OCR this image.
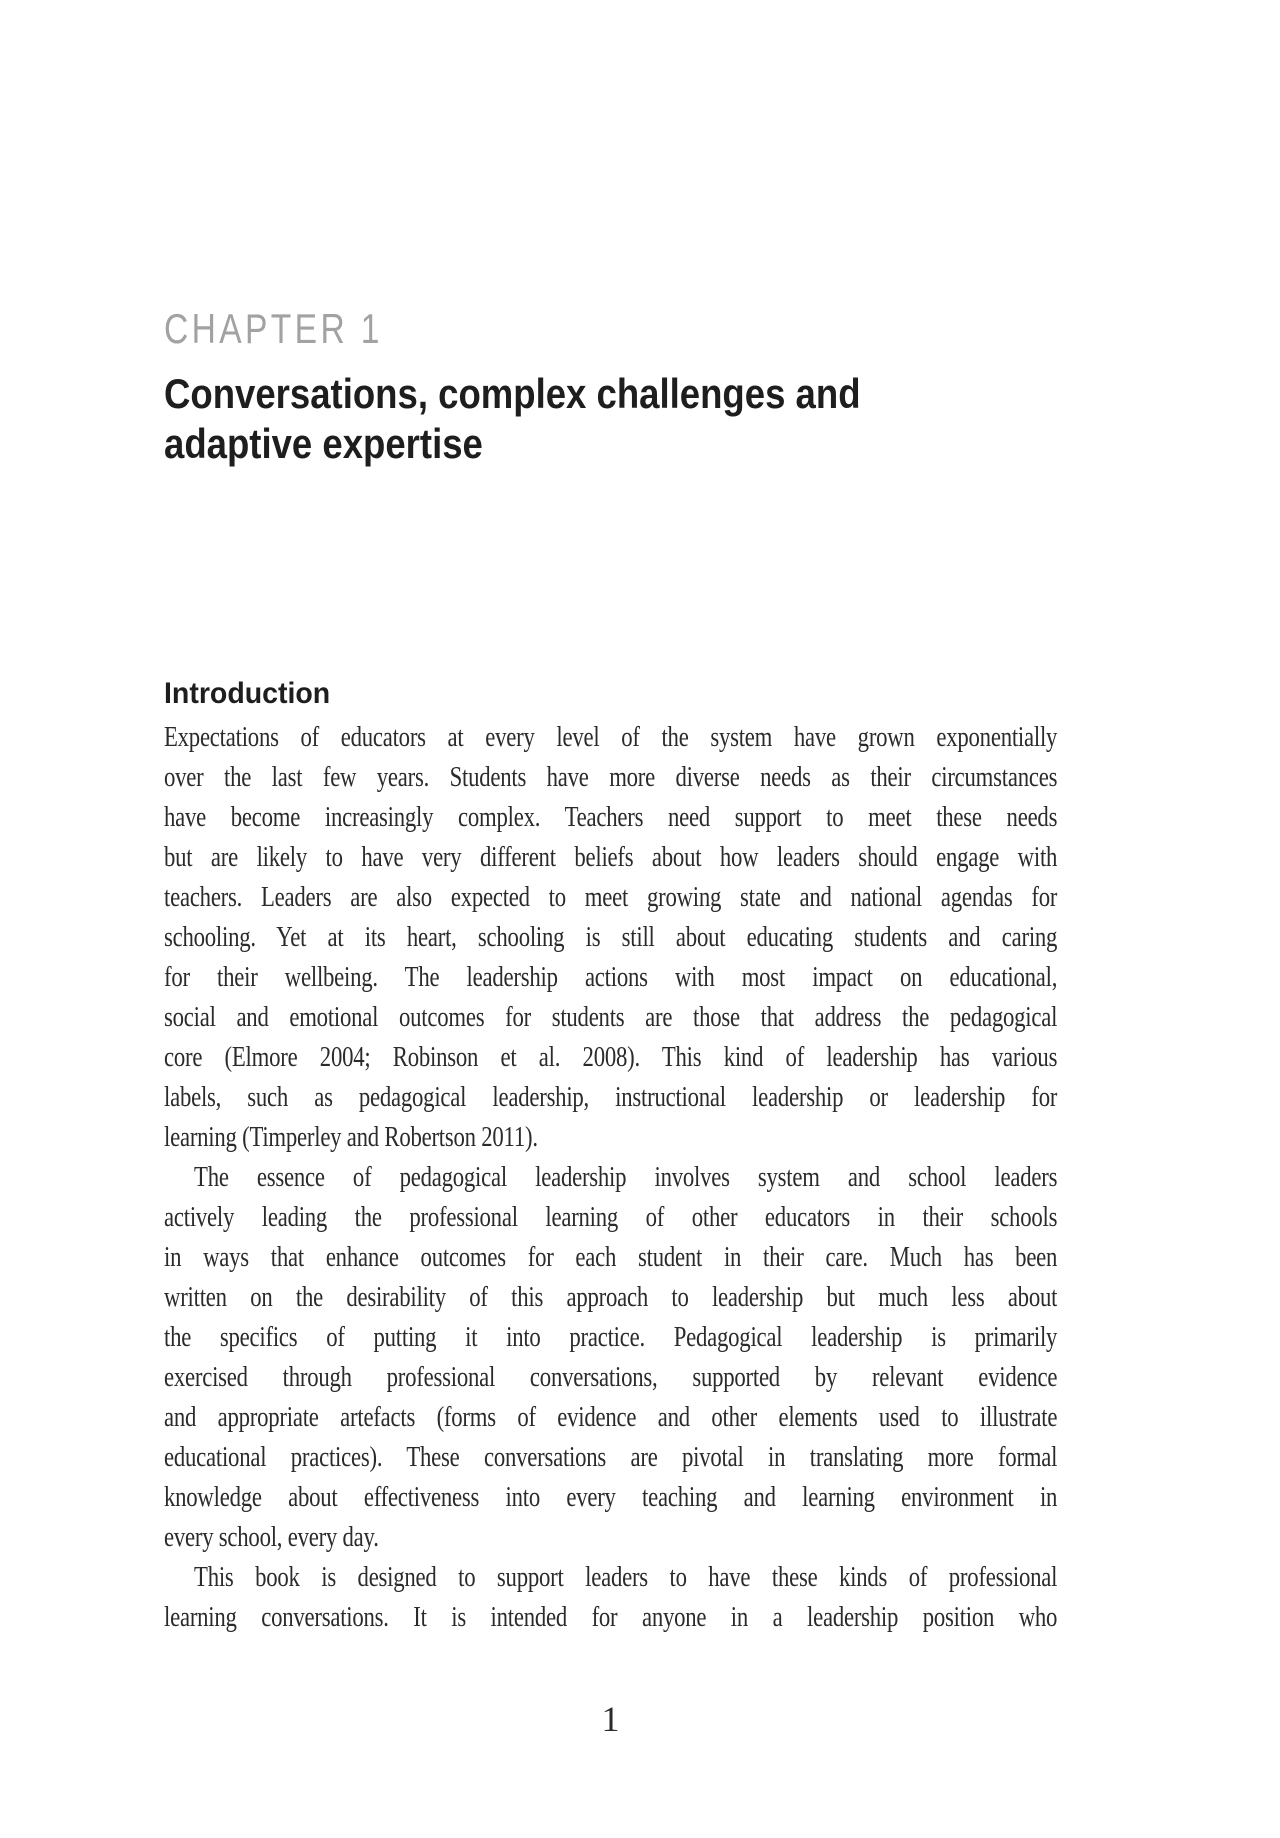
CHAPTER 1
Conversations, complex challenges and
adaptive expertise
Introduction
Expectations of educators at every level of the system have grown exponentially
over the last few years. Students have more diverse needs as their circumstances
have become increasingly complex. Teachers need support to meet these needs
but are likely to have very different beliefs about how leaders should engage with
teachers. Leaders are also expected to meet growing state and national agendas for
schooling. Yet at its heart, schooling is still about educating students and caring
for their wellbeing. The leadership actions with most impact on educational,
social and emotional outcomes for students are those that address the pedagogical
core (Elmore 2004; Robinson et al. 2008). This kind of leadership has various
labels, such as pedagogical leadership, instructional leadership or leadership for
learning (Timperley and Robertson 2011).
The essence of pedagogical leadership involves system and school leaders
actively leading the professional learning of other educators in their schools
in ways that enhance outcomes for each student in their care. Much has been
written on the desirability of this approach to leadership but much less about
the specifics of putting it into practice. Pedagogical leadership is primarily
exercised through professional conversations, supported by relevant evidence
and appropriate artefacts (forms of evidence and other elements used to illustrate
educational practices). These conversations are pivotal in translating more formal
knowledge about effectiveness into every teaching and learning environment in
every school, every day.
This book is designed to support leaders to have these kinds of professional
learning conversations. It is intended for anyone in a leadership position who
1
